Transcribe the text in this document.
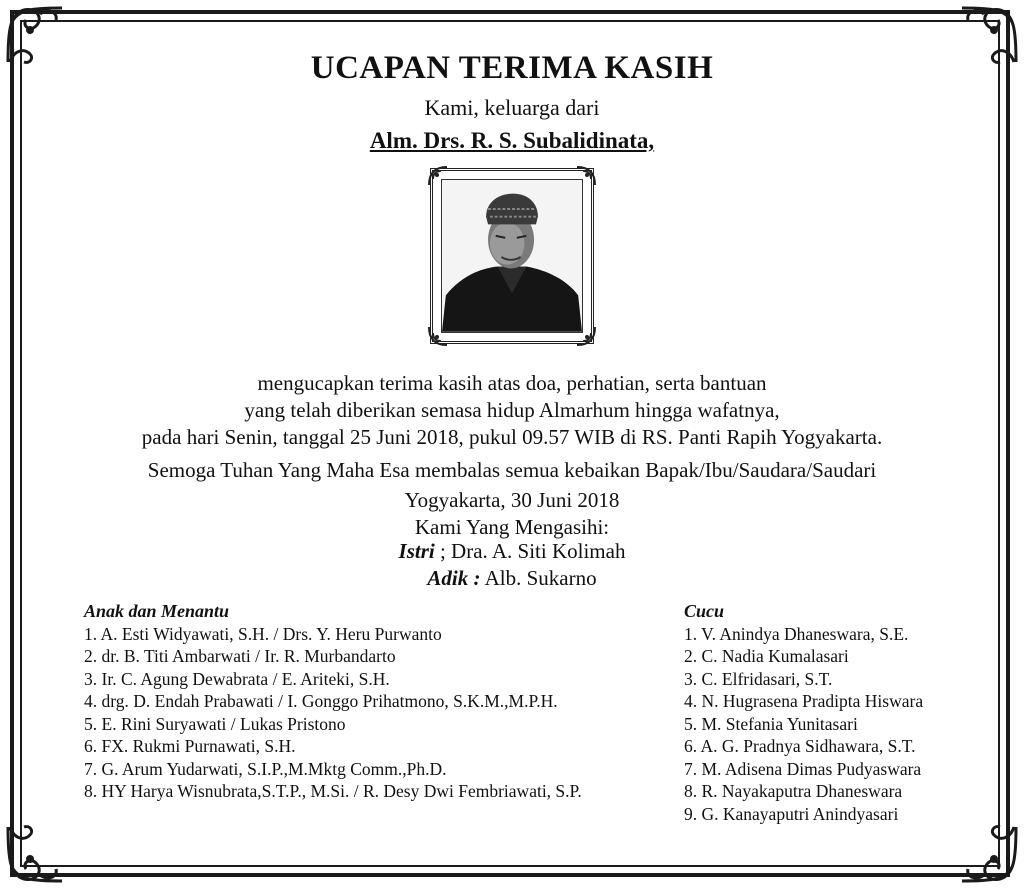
UCAPAN TERIMA KASIH
Kami, keluarga dari
Alm. Drs. R. S. Subalidinata,
mengucapkan terima kasih atas doa, perhatian, serta bantuan
yang telah diberikan semasa hidup Almarhum hingga wafatnya,
pada hari Senin, tanggal 25 Juni 2018, pukul 09.57 WIB di RS. Panti Rapih Yogyakarta.
Semoga Tuhan Yang Maha Esa membalas semua kebaikan Bapak/Ibu/Saudara/Saudari
Yogyakarta, 30 Juni 2018
Kami Yang Mengasihi:
Istri ; Dra. A. Siti Kolimah
Adik : Alb. Sukarno
Anak dan Menantu
1. A. Esti Widyawati, S.H. / Drs. Y. Heru Purwanto
2. dr. B. Titi Ambarwati / Ir. R. Murbandarto
3. Ir. C. Agung Dewabrata / E. Ariteki, S.H.
4. drg. D. Endah Prabawati / I. Gonggo Prihatmono, S.K.M.,M.P.H.
5. E. Rini Suryawati / Lukas Pristono
6. FX. Rukmi Purnawati, S.H.
7. G. Arum Yudarwati, S.I.P.,M.Mktg Comm.,Ph.D.
8. HY Harya Wisnubrata,S.T.P., M.Si. / R. Desy Dwi Fembriawati, S.P.
Cucu
1. V. Anindya Dhaneswara, S.E.
2. C. Nadia Kumalasari
3. C. Elfridasari, S.T.
4. N. Hugrasena Pradipta Hiswara
5. M. Stefania Yunitasari
6. A. G. Pradnya Sidhawara, S.T.
7. M. Adisena Dimas Pudyaswara
8. R. Nayakaputra Dhaneswara
9. G. Kanayaputri Anindyasari
